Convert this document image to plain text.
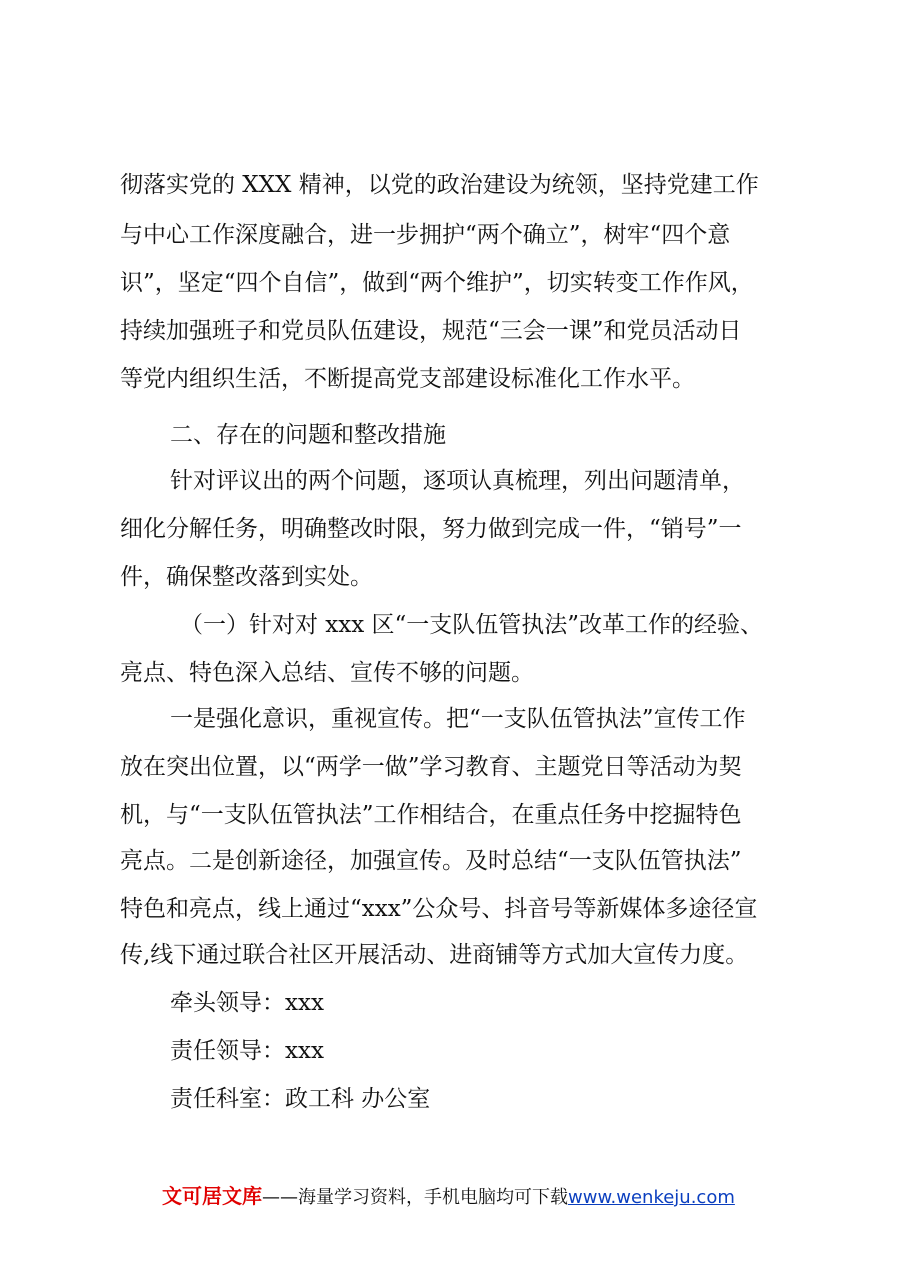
彻落实党的 XXX 精神，以党的政治建设为统领，坚持党建工作
与中心工作深度融合，进一步拥护“两个确立”，树牢“四个意
识”，坚定“四个自信”，做到“两个维护”，切实转变工作作风，
持续加强班子和党员队伍建设，规范“三会一课”和党员活动日
等党内组织生活，不断提高党支部建设标准化工作水平。
二、存在的问题和整改措施
针对评议出的两个问题，逐项认真梳理，列出问题清单，
细化分解任务，明确整改时限，努力做到完成一件，“销号”一
件，确保整改落到实处。
（一）针对对 xxx 区“一支队伍管执法”改革工作的经验、
亮点、特色深入总结、宣传不够的问题。
一是强化意识，重视宣传。把“一支队伍管执法”宣传工作
放在突出位置，以“两学一做”学习教育、主题党日等活动为契
机，与“一支队伍管执法”工作相结合，在重点任务中挖掘特色
亮点。二是创新途径，加强宣传。及时总结“一支队伍管执法”
特色和亮点，线上通过“xxx”公众号、抖音号等新媒体多途径宣
传,线下通过联合社区开展活动、进商铺等方式加大宣传力度。
牵头领导：xxx
责任领导：xxx
责任科室：政工科 办公室
文可居文库——海量学习资料，手机电脑均可下载www.wenkeju.com
